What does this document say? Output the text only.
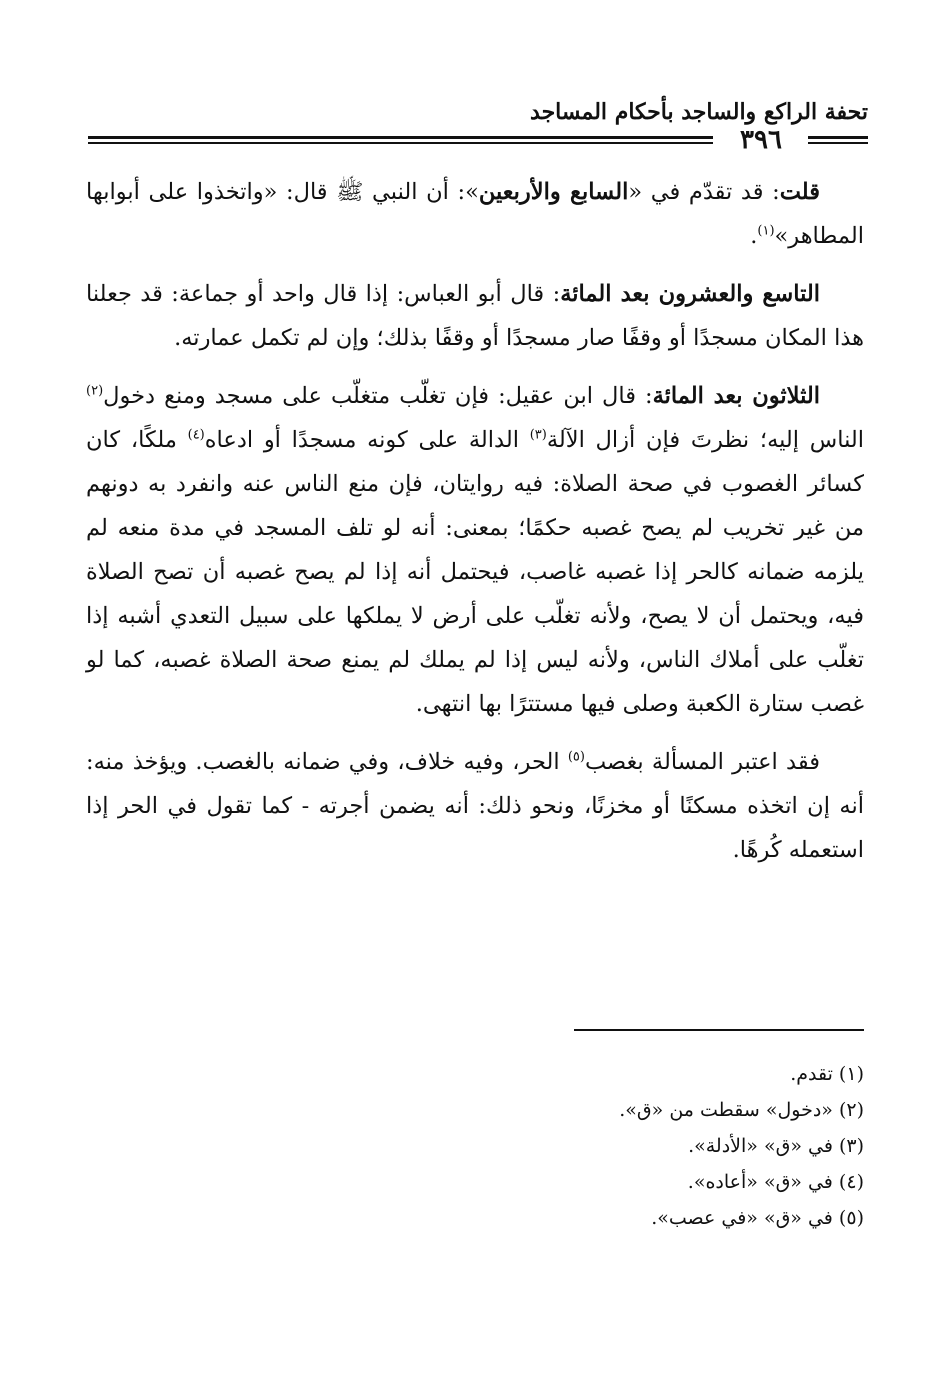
تحفة الراكع والساجد بأحكام المساجد
٣٩٦

قلت: قد تقدّم في «السابع والأربعين»: أن النبي ﷺ قال: «واتخذوا على أبوابها المطاهر»$^{(١)}$.

التاسع والعشرون بعد المائة: قال أبو العباس: إذا قال واحد أو جماعة: قد جعلنا هذا المكان مسجدًا أو وقفًا صار مسجدًا أو وقفًا بذلك؛ وإن لم تكمل عمارته.

الثلاثون بعد المائة: قال ابن عقيل: فإن تغلّب متغلّب على مسجد ومنع دخول$^{(٢)}$ الناس إليه؛ نظرتَ فإن أزال الآلة$^{(٣)}$ الدالة على كونه مسجدًا أو ادعاه$^{(٤)}$ ملكًا، كان كسائر الغصوب في صحة الصلاة: فيه روايتان، فإن منع الناس عنه وانفرد به دونهم من غير تخريب لم يصح غصبه حكمًا؛ بمعنى: أنه لو تلف المسجد في مدة منعه لم يلزمه ضمانه كالحر إذا غصبه غاصب، فيحتمل أنه إذا لم يصح غصبه أن تصح الصلاة فيه، ويحتمل أن لا يصح، ولأنه تغلّب على أرض لا يملكها على سبيل التعدي أشبه إذا تغلّب على أملاك الناس، ولأنه ليس إذا لم يملك لم يمنع صحة الصلاة غصبه، كما لو غصب ستارة الكعبة وصلى فيها مستترًا بها انتهى.

فقد اعتبر المسألة بغصب$^{(٥)}$ الحر، وفيه خلاف، وفي ضمانه بالغصب. ويؤخذ منه: أنه إن اتخذه مسكنًا أو مخزنًا، ونحو ذلك: أنه يضمن أجرته - كما تقول في الحر إذا استعمله كُرهًا.

(١) تقدم.

(٢) «دخول» سقطت من «ق».

(٣) في «ق» «الأدلة».

(٤) في «ق» «أعاده».

(٥) في «ق» «في عصب».
